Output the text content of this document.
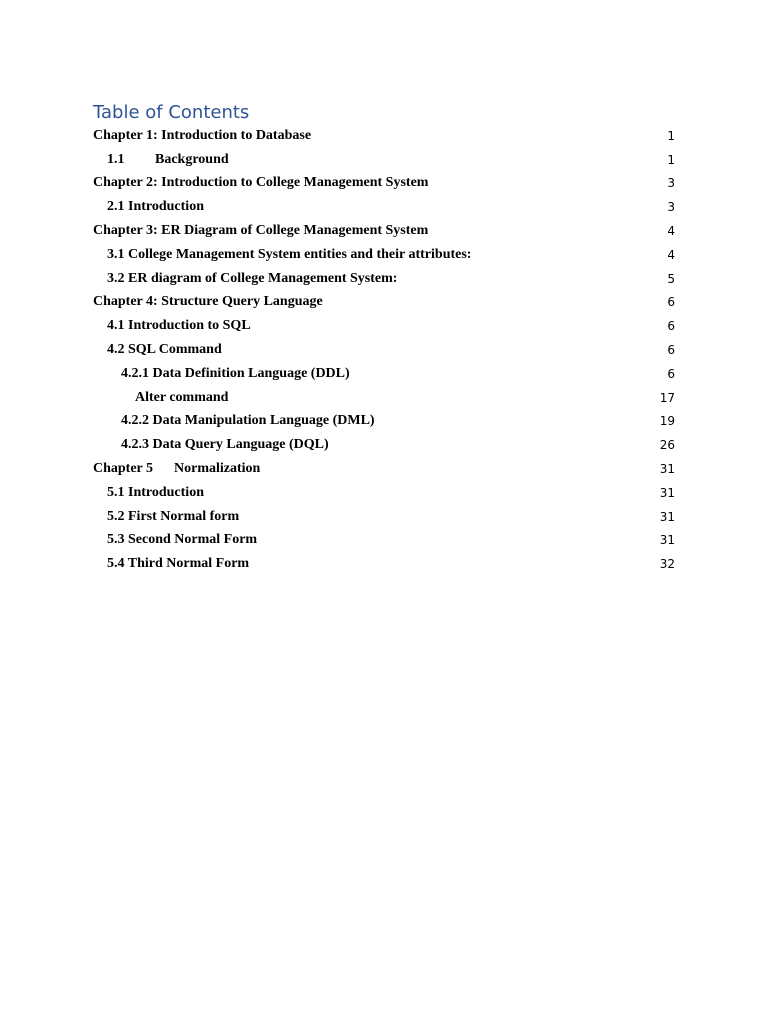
Table of Contents
Chapter 1: Introduction to Database	1
1.1	Background	1
Chapter 2: Introduction to College Management System	3
2.1 Introduction	3
Chapter 3: ER Diagram of College Management System	4
3.1 College Management System entities and their attributes:	4
3.2 ER diagram of College Management System:	5
Chapter 4: Structure Query Language	6
4.1 Introduction to SQL	6
4.2 SQL Command	6
4.2.1 Data Definition Language (DDL)	6
Alter command	17
4.2.2 Data Manipulation Language (DML)	19
4.2.3 Data Query Language (DQL)	26
Chapter 5	Normalization	31
5.1 Introduction	31
5.2 First Normal form	31
5.3 Second Normal Form	31
5.4 Third Normal Form	32
